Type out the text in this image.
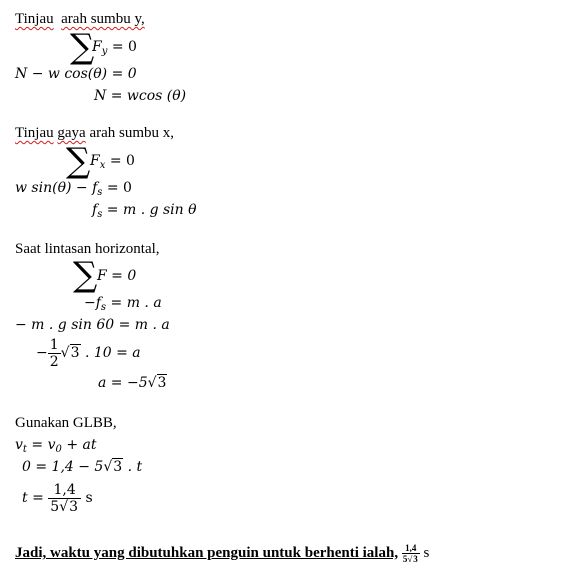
Tinjau arah sumbu y,
∑
$F_y = 0$
N − w cos(θ) = 0
N = wcos (θ)
Tinjau gaya arah sumbu x,
∑ $F_x = 0$
w $\sin(\theta) - f_s = 0$
$f_s = m$ . g sin θ
Saat lintasan horizontal,
∑ F = 0
$-f_s = m$ . a
− m . g sin 60 = m . a
− $\frac{1}{2} √3$ . 10 = a
a = −5√3
Gunakan GLBB,
$v_t = v_0$ + at
0 = 1,4 − 5√3 . t
$t = \frac{1,4}{5√3}$ s
Jadi, waktu yang dibutuhkan penguin untuk berhenti ialah, $\frac{1,4}{5√3}$ s
